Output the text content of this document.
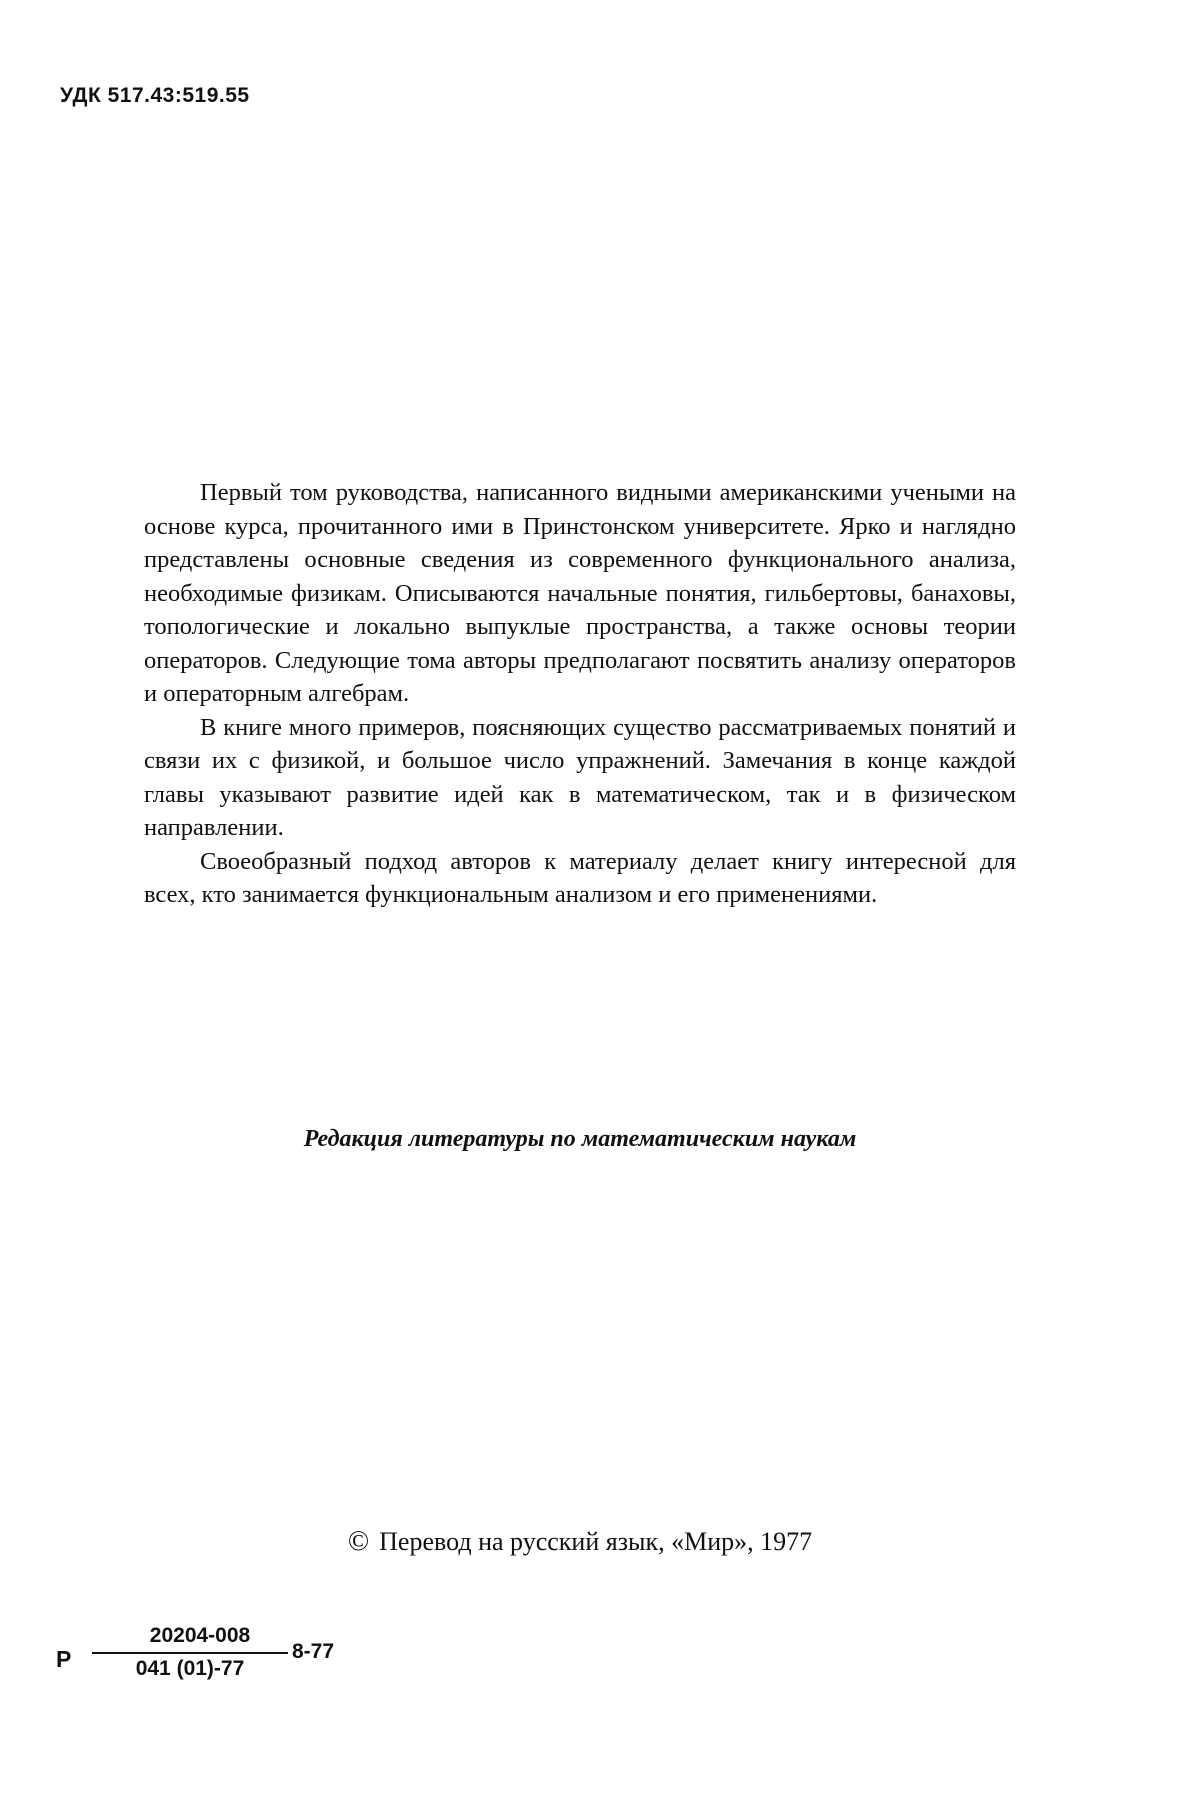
УДК 517.43:519.55

Первый том руководства, написанного видными американскими учеными на основе курса, прочитанного ими в Принстонском университете. Ярко и наглядно представлены основные сведения из современного функционального анализа, необходимые физикам. Описываются начальные понятия, гильбертовы, банаховы, топологические и локально выпуклые пространства, а также основы теории операторов. Следующие тома авторы предполагают посвятить анализу операторов и операторным алгебрам.

В книге много примеров, поясняющих существо рассматриваемых понятий и связи их с физикой, и большое число упражнений. Замечания в конце каждой главы указывают развитие идей как в математическом, так и в физическом направлении.

Своеобразный подход авторов к материалу делает книгу интересной для всех, кто занимается функциональным анализом и его применениями.

Редакция литературы по математическим наукам
© Перевод на русский язык, «Мир», 1977
Р
20204-008
041 (01)-77
8-77
